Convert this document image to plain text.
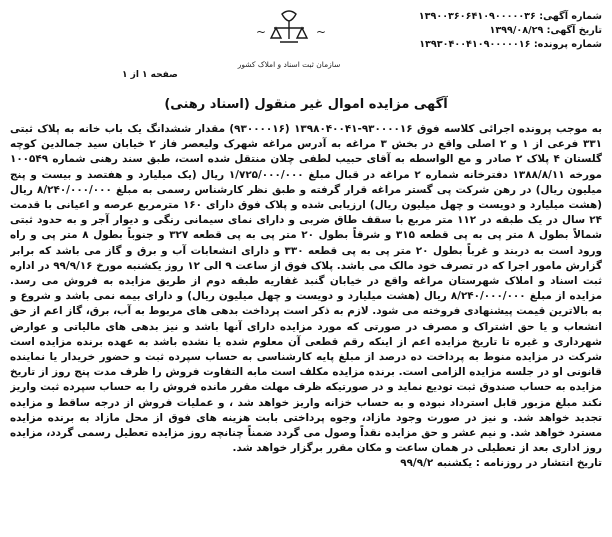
شماره آگهی: ۱۳۹۰۰۳۶۰۶۴۱۰۹۰۰۰۰۰۳۶
تاریخ آگهی: ۱۳۹۹/۰۸/۲۹
شماره پرونده: ۱۳۹۳۰۴۰۰۴۱۰۹۰۰۰۰۰۱۶
~	~
سازمان ثبت اسناد و املاک کشور
صفحه ۱ از ۱
آگهی مزایده اموال غیر منقول (اسناد رهنی)

به موجب پرونده اجرائی کلاسه فوق ۹۳۰۰۰۰۱۶-۱۳۹۸۰۴۰۰۴۱ (۹۳۰۰۰۰۱۶) مقدار ششدانگ یک باب خانه به پلاک ثبتی ۳۳۱ فرعی از ۱ و ۲ اصلی واقع در بخش ۳ مراغه به آدرس مراغه شهرک ولیعصر فاز ۲ خیابان سید جمالدین کوچه گلستان ۴ پلاک ۲ صادر و مع الواسطه به آقای حبیب لطفی چلان منتقل شده است، طبق سند رهنی شماره ۱۰۰۵۴۹ مورخه ۱۳۸۸/۸/۱۱ دفترخانه شماره ۲ مراغه در قبال مبلغ ۱/۷۲۵/۰۰۰/۰۰۰ ریال (یک میلیارد و هفتصد و بیست و پنج میلیون ریال) در رهن شرکت پی گستر مراغه قرار گرفته و طبق نظر کارشناس رسمی به مبلغ ۸/۲۴۰/۰۰۰/۰۰۰ ریال (هشت میلیارد و دویست و چهل میلیون ریال) ارزیابی شده و پلاک فوق دارای ۱۶۰ مترمربع عرصه و اعیانی با قدمت ۲۴ سال در یک طبقه در ۱۱۲ متر مربع با سقف طاق ضربی و دارای نمای سیمانی رنگی و دیوار آجر و به حدود ثبتی شمالاً بطول ۸ متر پی به پی قطعه ۳۱۵ و شرقاً بطول ۲۰ متر پی به پی قطعه ۳۲۷ و جنوباً بطول ۸ متر پی و راه ورود است به دربند و غرباً بطول ۲۰ متر پی به پی قطعه ۳۳۰ و دارای انشعابات آب و برق و گاز می باشد که برابر گزارش مامور اجرا که در تصرف خود مالک می باشد. پلاک فوق از ساعت ۹ الی ۱۲ روز یکشنبه مورخ ۹۹/۹/۱۶ در اداره ثبت اسناد و املاک شهرستان مراغه واقع در خیابان گنبد غفاریه طبقه دوم از طریق مزایده به فروش می رسد. مزایده از مبلغ ۸/۲۴۰/۰۰۰/۰۰۰ ریال (هشت میلیارد و دویست و چهل میلیون ریال) و دارای بیمه نمی باشد و شروع و به بالاترین قیمت پیشنهادی فروخته می شود. لازم به ذکر است پرداخت بدهی های مربوط به آب، برق، گاز اعم از حق انشعاب و یا حق اشتراک و مصرف در صورتی که مورد مزایده دارای آنها باشد و نیز بدهی های مالیاتی و عوارض شهرداری و غیره تا تاریخ مزایده اعم از اینکه رقم قطعی آن معلوم شده یا نشده باشد به عهده برنده مزایده است شرکت در مزایده منوط به پرداخت ده درصد از مبلغ پایه کارشناسی به حساب سپرده ثبت و حضور خریدار یا نماینده قانونی او در جلسه مزایده الزامی است. برنده مزایده مکلف است مابه التفاوت فروش را ظرف مدت پنج روز از تاریخ مزایده به حساب صندوق ثبت تودیع نماید و در صورتیکه ظرف مهلت مقرر مانده فروش را به حساب سپرده ثبت واریز نکند مبلغ مزبور قابل استرداد نبوده و به حساب خزانه واریز خواهد شد ، و عملیات فروش از درجه ساقط و مزایده تجدید خواهد شد. و نیز در صورت وجود مازاد، وجوه پرداختی بابت هزینه های فوق از محل مازاد به برنده مزایده مسترد خواهد شد. و نیم عشر و حق مزایده نقداً وصول می گردد ضمناً چنانچه روز مزایده تعطیل رسمی گردد، مزایده روز اداری بعد از تعطیلی در همان ساعت و مکان مقرر برگزار خواهد شد.

تاریخ انتشار در روزنامه : یکشنبه ۹۹/۹/۲
